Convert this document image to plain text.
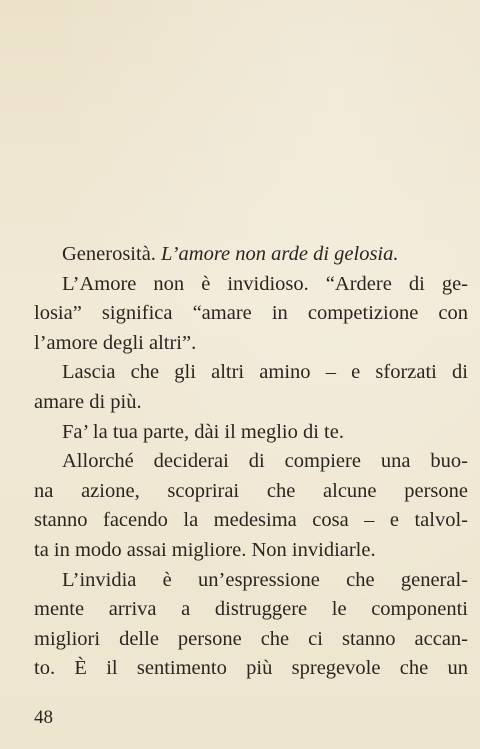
Generosità. L’amore non arde di gelosia.
L’Amore non è invidioso. “Ardere di ge-
losia” significa “amare in competizione con
l’amore degli altri”.
Lascia che gli altri amino – e sforzati di
amare di più.
Fa’ la tua parte, dài il meglio di te.
Allorché deciderai di compiere una buo-
na azione, scoprirai che alcune persone
stanno facendo la medesima cosa – e talvol-
ta in modo assai migliore. Non invidiarle.
L’invidia è un’espressione che general-
mente arriva a distruggere le componenti
migliori delle persone che ci stanno accan-
to. È il sentimento più spregevole che un
48
